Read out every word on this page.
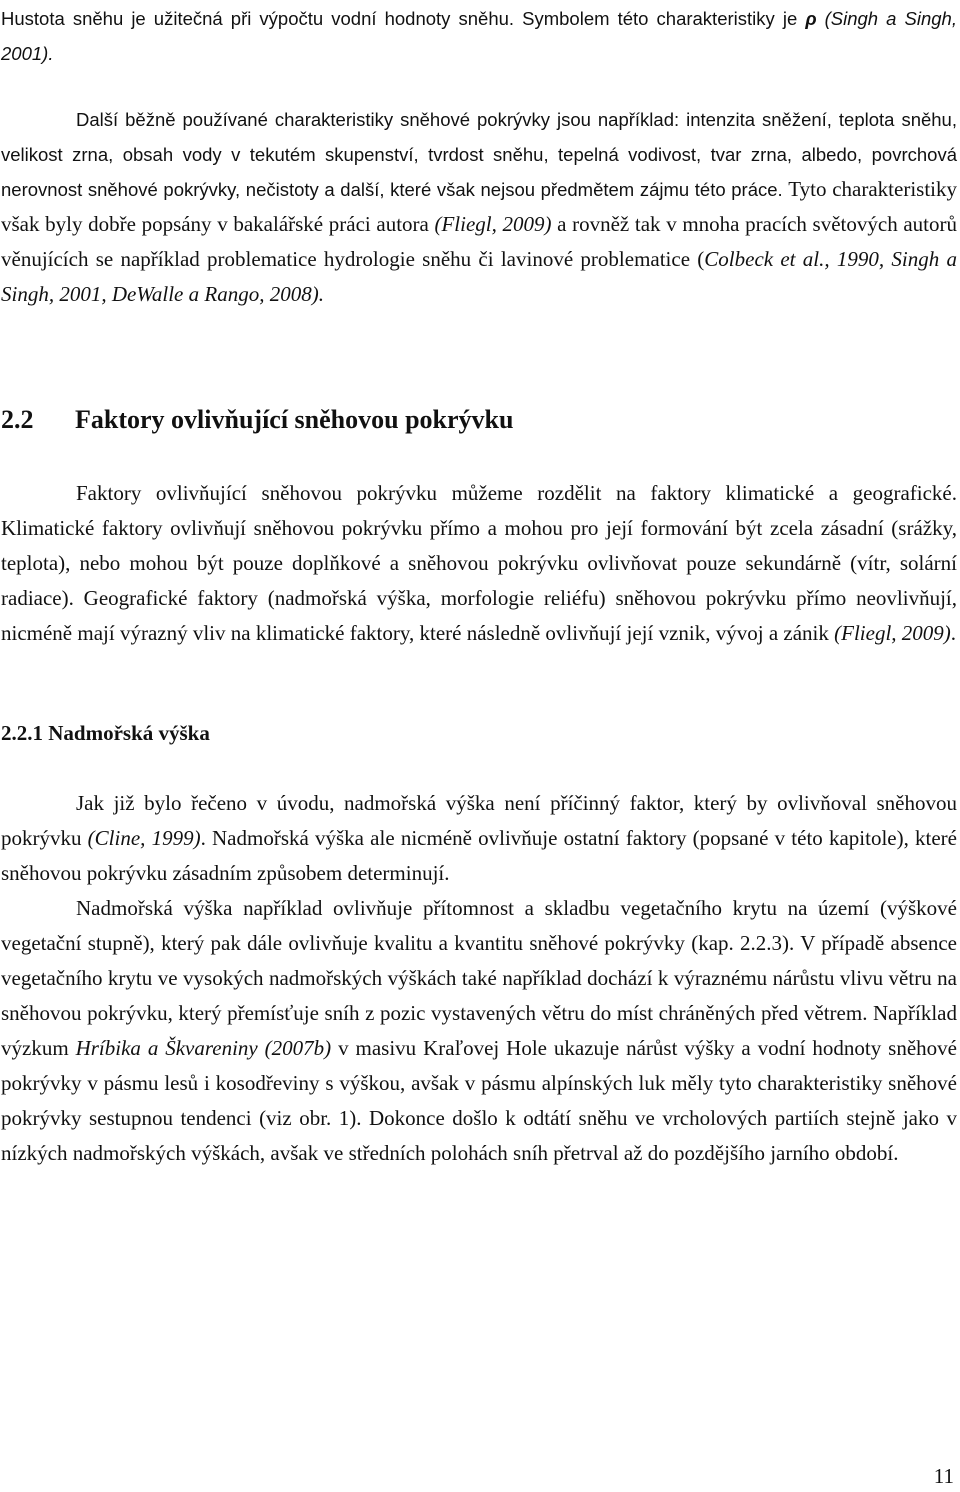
Hustota sněhu je užitečná při výpočtu vodní hodnoty sněhu. Symbolem této charakteristiky je ρ (Singh a Singh, 2001).

Další běžně používané charakteristiky sněhové pokrývky jsou například: intenzita sněžení, teplota sněhu, velikost zrna, obsah vody v tekutém skupenství, tvrdost sněhu, tepelná vodivost, tvar zrna, albedo, povrchová nerovnost sněhové pokrývky, nečistoty a další, které však nejsou předmětem zájmu této práce. Tyto charakteristiky však byly dobře popsány v bakalářské práci autora (Fliegl, 2009) a rovněž tak v mnoha pracích světových autorů věnujících se například problematice hydrologie sněhu či lavinové problematice (Colbeck et al., 1990, Singh a Singh, 2001, DeWalle a Rango, 2008).

2.2 Faktory ovlivňující sněhovou pokrývku

Faktory ovlivňující sněhovou pokrývku můžeme rozdělit na faktory klimatické a geografické. Klimatické faktory ovlivňují sněhovou pokrývku přímo a mohou pro její formování být zcela zásadní (srážky, teplota), nebo mohou být pouze doplňkové a sněhovou pokrývku ovlivňovat pouze sekundárně (vítr, solární radiace). Geografické faktory (nadmořská výška, morfologie reliéfu) sněhovou pokrývku přímo neovlivňují, nicméně mají výrazný vliv na klimatické faktory, které následně ovlivňují její vznik, vývoj a zánik (Fliegl, 2009).

2.2.1 Nadmořská výška

Jak již bylo řečeno v úvodu, nadmořská výška není příčinný faktor, který by ovlivňoval sněhovou pokrývku (Cline, 1999). Nadmořská výška ale nicméně ovlivňuje ostatní faktory (popsané v této kapitole), které sněhovou pokrývku zásadním způsobem determinují.

Nadmořská výška například ovlivňuje přítomnost a skladbu vegetačního krytu na území (výškové vegetační stupně), který pak dále ovlivňuje kvalitu a kvantitu sněhové pokrývky (kap. 2.2.3). V případě absence vegetačního krytu ve vysokých nadmořských výškách také například dochází k výraznému nárůstu vlivu větru na sněhovou pokrývku, který přemísťuje sníh z pozic vystavených větru do míst chráněných před větrem. Například výzkum Hríbika a Škvareniny (2007b) v masivu Kraľovej Hole ukazuje nárůst výšky a vodní hodnoty sněhové pokrývky v pásmu lesů i kosodřeviny s výškou, avšak v pásmu alpínských luk měly tyto charakteristiky sněhové pokrývky sestupnou tendenci (viz obr. 1). Dokonce došlo k odtátí sněhu ve vrcholových partiích stejně jako v nízkých nadmořských výškách, avšak ve středních polohách sníh přetrval až do pozdějšího jarního období.

11
